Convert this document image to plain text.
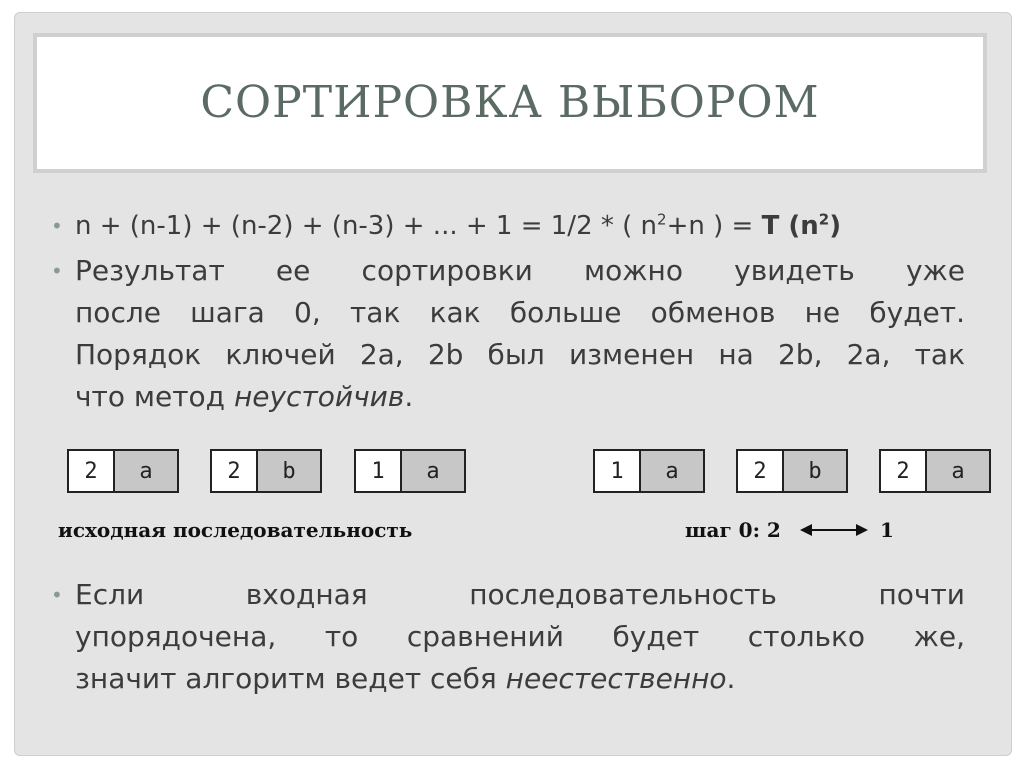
СОРТИРОВКА ВЫБОРОМ
• n + (n-1) + (n-2) + (n-3) + ... + 1 = 1/2 * ( $n^2+n$ ) = T $(n^2)$
• Результат ее сортировки можно увидеть уже
после шага 0, так как больше обменов не будет.
Порядок ключей 2a, 2b был изменен на 2b, 2a, так
что метод неустойчив.
2	a	2	b	1	a	1	a	2	b	2	a
исходная последовательность	шаг 0: 2	1
• Если входная последовательность почти
упорядочена, то сравнений будет столько же,
значит алгоритм ведет себя неестественно.
